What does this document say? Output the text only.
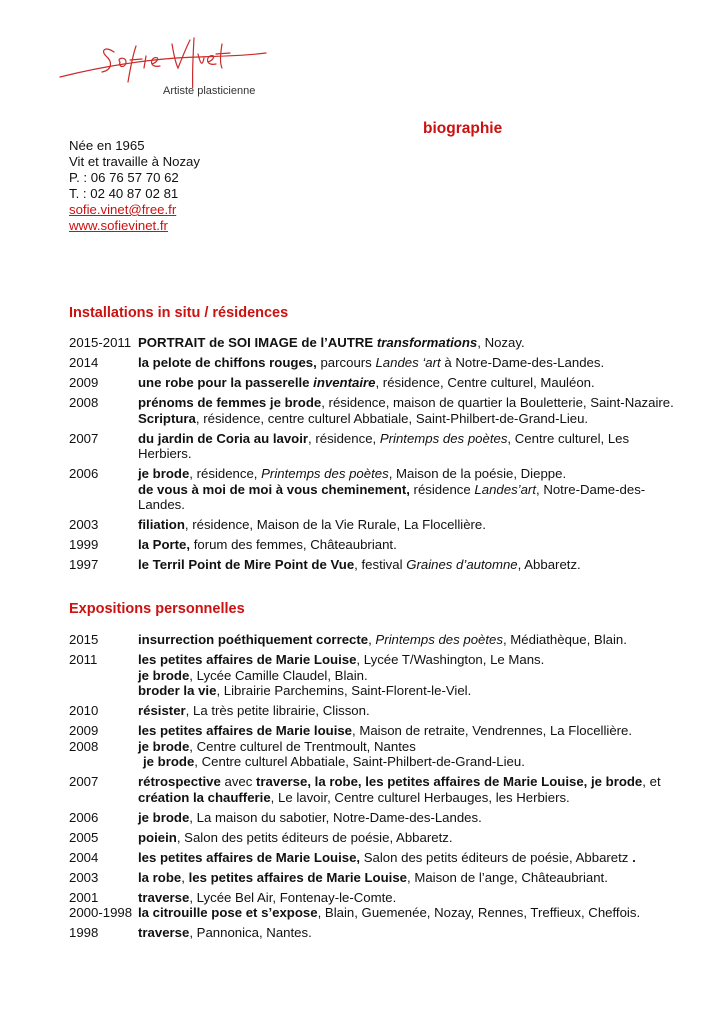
Artiste plasticienne
biographie
Née en 1965
Vit et travaille à Nozay
P. : 06 76 57 70 62
T. : 02 40 87 02 81
sofie.vinet@free.fr
www.sofievinet.fr
Installations in situ / résidences
2015-2011 PORTRAIT de SOI IMAGE de l’AUTRE transformations, Nozay.
2014	la pelote de chiffons rouges, parcours Landes ‘art à Notre-Dame-des-Landes.
2009	une robe pour la passerelle inventaire, résidence, Centre culturel, Mauléon.
2008	prénoms de femmes je brode, résidence, maison de quartier la Bouletterie, Saint-Nazaire.
Scriptura, résidence, centre culturel Abbatiale, Saint-Philbert-de-Grand-Lieu.
2007	du jardin de Coria au lavoir, résidence, Printemps des poètes, Centre culturel, Les Herbiers.
2006	je brode, résidence, Printemps des poètes, Maison de la poésie, Dieppe.
de vous à moi de moi à vous cheminement, résidence Landes’art, Notre-Dame-des-Landes.
2003	filiation, résidence, Maison de la Vie Rurale, La Flocellière.
1999	la Porte, forum des femmes, Châteaubriant.
1997	le Terril Point de Mire Point de Vue, festival Graines d’automne, Abbaretz.
Expositions personnelles
2015	insurrection poéthiquement correcte, Printemps des poètes, Médiathèque, Blain.
2011	les petites affaires de Marie Louise, Lycée T/Washington, Le Mans.
je brode, Lycée Camille Claudel, Blain.
broder la vie, Librairie Parchemins, Saint-Florent-le-Viel.
2010	résister, La très petite librairie, Clisson.
2009	les petites affaires de Marie louise, Maison de retraite, Vendrennes, La Flocellière.
2008	je brode, Centre culturel de Trentmoult, Nantes
je brode, Centre culturel Abbatiale, Saint-Philbert-de-Grand-Lieu.
2007	rétrospective avec traverse, la robe, les petites affaires de Marie Louise, je brode, et création la chaufferie, Le lavoir, Centre culturel Herbauges, les Herbiers.
2006	je brode, La maison du sabotier, Notre-Dame-des-Landes.
2005	poiein, Salon des petits éditeurs de poésie, Abbaretz.
2004	les petites affaires de Marie Louise, Salon des petits éditeurs de poésie, Abbaretz .
2003	la robe, les petites affaires de Marie Louise, Maison de l’ange, Châteaubriant.
2001	traverse, Lycée Bel Air, Fontenay-le-Comte.
2000-1998 la citrouille pose et s’expose, Blain, Guemenée, Nozay, Rennes, Treffieux, Cheffois.
1998	traverse, Pannonica, Nantes.
